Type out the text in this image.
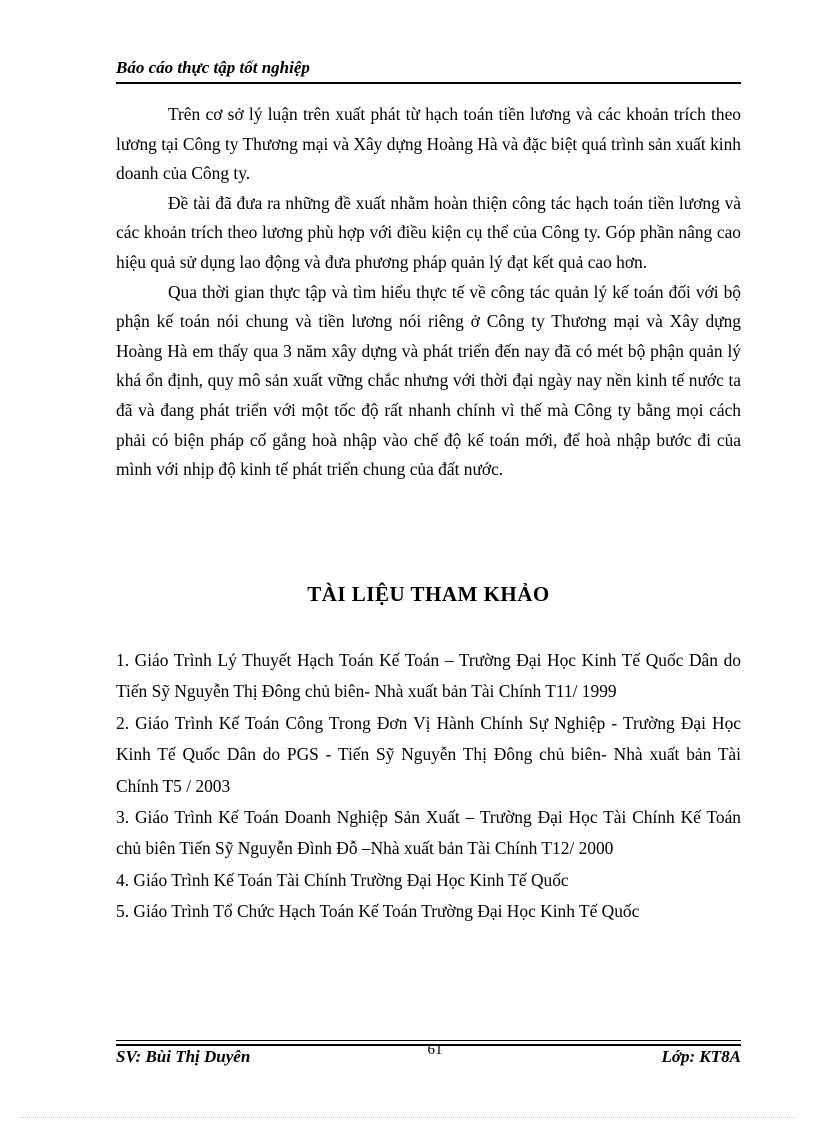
Báo cáo thực tập tốt nghiệp

Trên cơ sở lý luận trên xuất phát từ hạch toán tiền lương và các khoản trích theo lương tại Công ty Thương mại và Xây dựng Hoàng Hà và đặc biệt quá trình sản xuất kinh doanh của Công ty.

Đề tài đã đưa ra những đề xuất nhằm hoàn thiện công tác hạch toán tiền lương và các khoản trích theo lương phù hợp với điều kiện cụ thể của Công ty. Góp phần nâng cao hiệu quả sử dụng lao động và đưa phương pháp quản lý đạt kết quả cao hơn.

Qua thời gian thực tập và tìm hiểu thực tế về công tác quản lý kế toán đối với bộ phận kế toán nói chung và tiền lương nói riêng ở Công ty Thương mại và Xây dựng Hoàng Hà em thấy qua 3 năm xây dựng và phát triển đến nay đã có mét bộ phận quản lý khá ổn định, quy mô sản xuất vững chắc nhưng với thời đại ngày nay nền kinh tế nước ta đã và đang phát triển với một tốc độ rất nhanh chính vì thế mà Công ty bằng mọi cách phải có biện pháp cố gắng hoà nhập vào chế độ kế toán mới, để hoà nhập bước đi của mình với nhịp độ kinh tế phát triển chung của đất nước.

TÀI LIỆU THAM KHẢO

1. Giáo Trình Lý Thuyết Hạch Toán Kế Toán – Trường Đại Học Kinh Tế Quốc Dân do Tiến Sỹ Nguyễn Thị Đông chủ biên- Nhà xuất bản Tài Chính T11/ 1999

2. Giáo Trình Kế Toán Công Trong Đơn Vị Hành Chính Sự Nghiệp - Trường Đại Học Kinh Tế Quốc Dân do PGS - Tiến Sỹ Nguyễn Thị Đông chủ biên- Nhà xuất bản Tài Chính T5 / 2003

3. Giáo Trình Kế Toán Doanh Nghiệp Sản Xuất – Trường Đại Học Tài Chính Kế Toán chủ biên Tiến Sỹ Nguyễn Đình Đỗ –Nhà xuất bản Tài Chính T12/ 2000

4. Giáo Trình Kế Toán Tài Chính Trường Đại Học Kinh Tế Quốc

5. Giáo Trình Tổ Chức Hạch Toán Kế Toán Trường Đại Học Kinh Tế Quốc

SV: Bùi Thị Duyên	61	Lớp: KT8A
